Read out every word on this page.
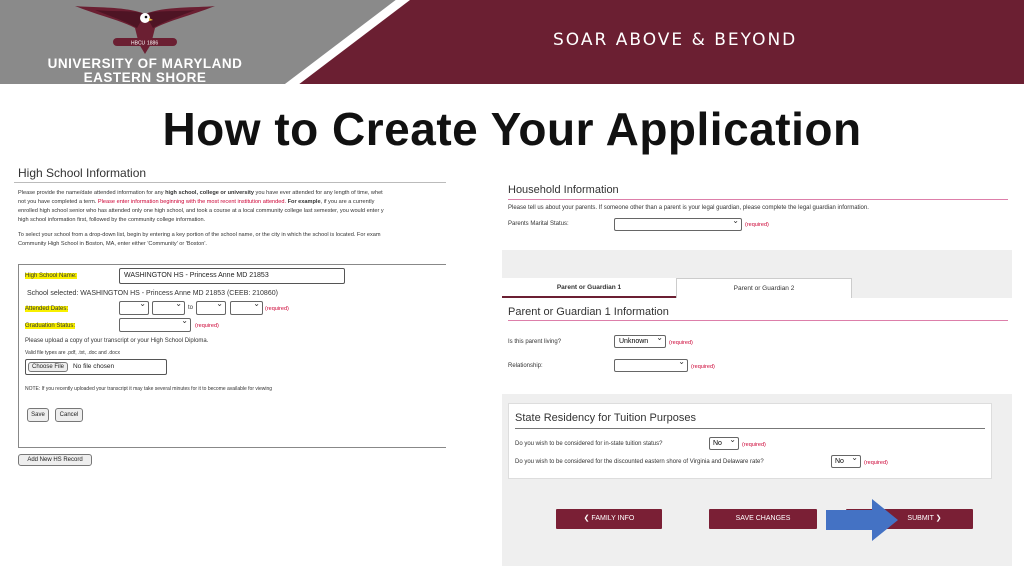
HBCU 1886
UNIVERSITY OF MARYLAND
EASTERN SHORE
SOAR ABOVE & BEYOND
How to Create Your Application
High School Information
Please provide the name/date attended information for any high school, college or university you have ever attended for any length of time, whet
not you have completed a term. Please enter information beginning with the most recent institution attended. For example, if you are a currently
enrolled high school senior who has attended only one high school, and took a course at a local community college last semester, you would enter y
high school information first, followed by the community college information.
To select your school from a drop-down list, begin by entering a key portion of the school name, or the city in which the school is located. For exam
Community High School in Boston, MA, enter either 'Community' or 'Boston'.
High School Name:	WASHINGTON HS - Princess Anne MD 21853
School selected: WASHINGTON HS - Princess Anne MD 21853 (CEEB: 210860)
Attended Dates: ⌄ ⌄	to ⌄ ⌄	(required)
Graduation Status: ⌄	(required)
Please upload a copy of your transcript or your High School Diploma.
Valid file types are .pdf, .txt, .doc and .docx
Choose File No file chosen
NOTE: If you recently uploaded your transcript it may take several minutes for it to become available for viewing
Save	Cancel
Add New HS Record
Household Information
Please tell us about your parents. If someone other than a parent is your legal guardian, please complete the legal guardian information.
Parents Marital Status: ⌄	(required)
Parent or Guardian 1	Parent or Guardian 2
Parent or Guardian 1 Information
Is this parent living?	Unknown ⌄	(required)
Relationship: ⌄	(required)
State Residency for Tuition Purposes
Do you wish to be considered for in-state tuition status?	No ⌄	(required)
Do you wish to be considered for the discounted eastern shore of Virginia and Delaware rate?	No ⌄	(required)
❮ FAMILY INFO	SAVE CHANGES	SUBMIT ❯
